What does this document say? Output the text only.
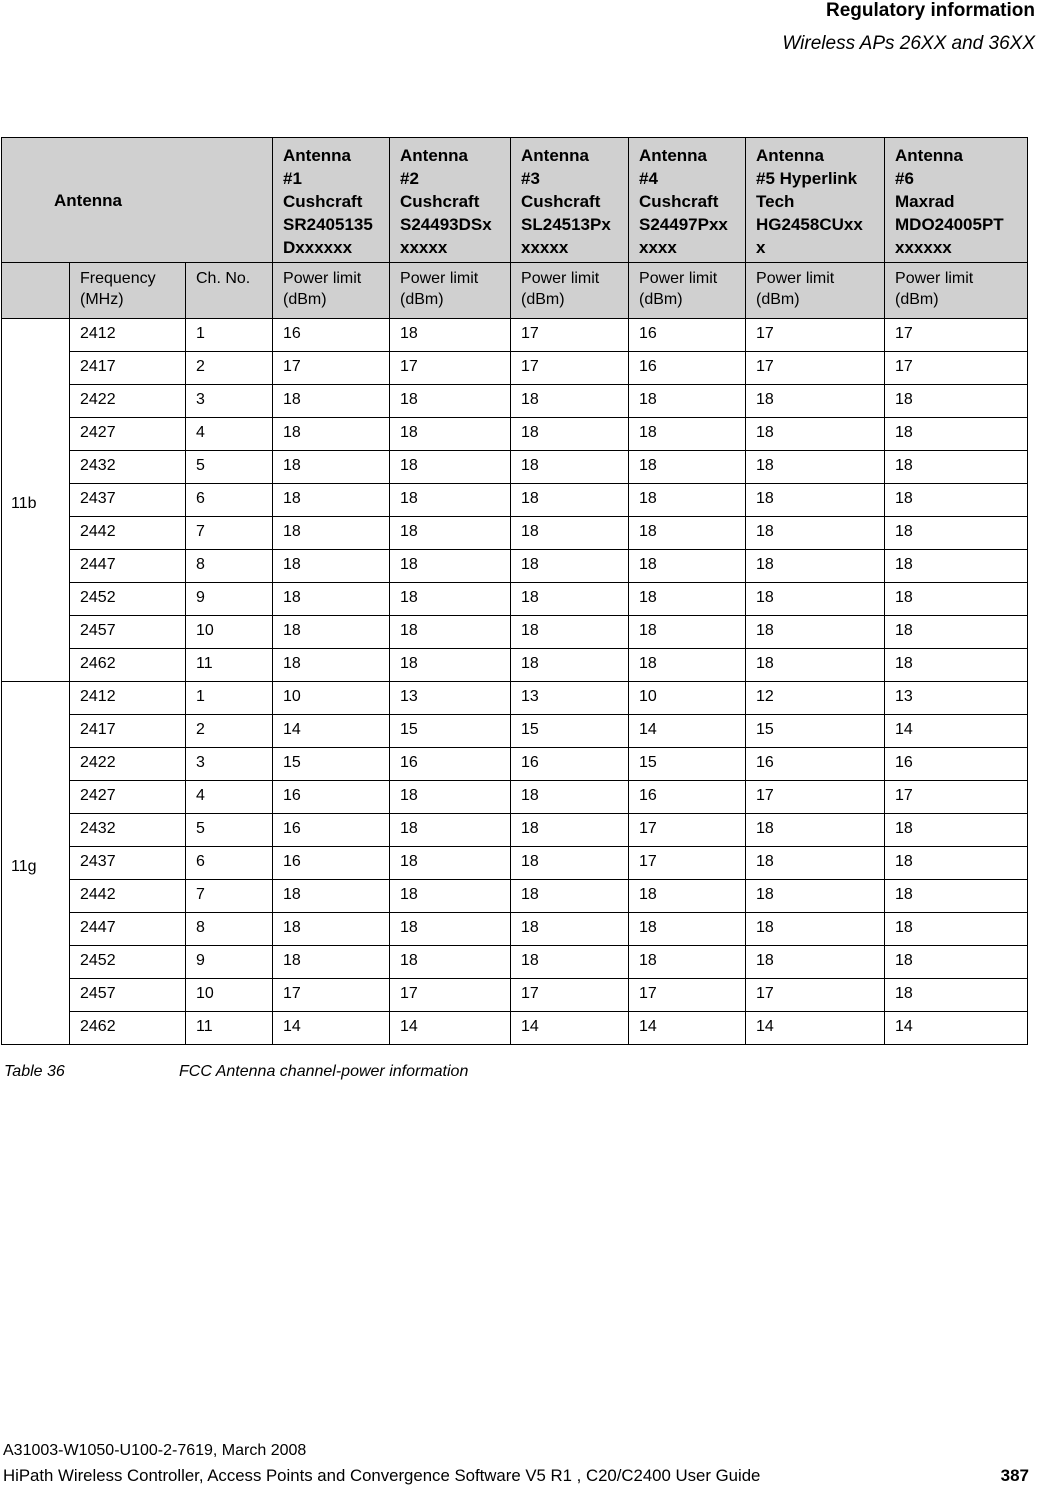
Regulatory information
Wireless APs 26XX and 36XX
Antenna			Antenna
#1
Cushcraft
SR2405135
Dxxxxxx	Antenna
#2
Cushcraft
S24493DSx
xxxxx	Antenna
#3
Cushcraft
SL24513Px
xxxxx	Antenna
#4
Cushcraft
S24497Pxx
xxxx	Antenna
#5 Hyperlink
Tech
HG2458CUxx
x	Antenna
#6
Maxrad
MDO24005PT
xxxxxx
	Frequency
(MHz)	Ch. No.	Power limit
(dBm)	Power limit
(dBm)	Power limit
(dBm)	Power limit
(dBm)	Power limit
(dBm)	Power limit
(dBm)
11b	2412	1	16	18	17	16	17	17
	2417	2	17	17	17	16	17	17
	2422	3	18	18	18	18	18	18
	2427	4	18	18	18	18	18	18
	2432	5	18	18	18	18	18	18
	2437	6	18	18	18	18	18	18
	2442	7	18	18	18	18	18	18
	2447	8	18	18	18	18	18	18
	2452	9	18	18	18	18	18	18
	2457	10	18	18	18	18	18	18
	2462	11	18	18	18	18	18	18
11g	2412	1	10	13	13	10	12	13
	2417	2	14	15	15	14	15	14
	2422	3	15	16	16	15	16	16
	2427	4	16	18	18	16	17	17
	2432	5	16	18	18	17	18	18
	2437	6	16	18	18	17	18	18
	2442	7	18	18	18	18	18	18
	2447	8	18	18	18	18	18	18
	2452	9	18	18	18	18	18	18
	2457	10	17	17	17	17	17	18
	2462	11	14	14	14	14	14	14
Table 36	FCC Antenna channel-power information
A31003-W1050-U100-2-7619, March 2008
HiPath Wireless Controller, Access Points and Convergence Software V5 R1 , C20/C2400 User Guide	387
